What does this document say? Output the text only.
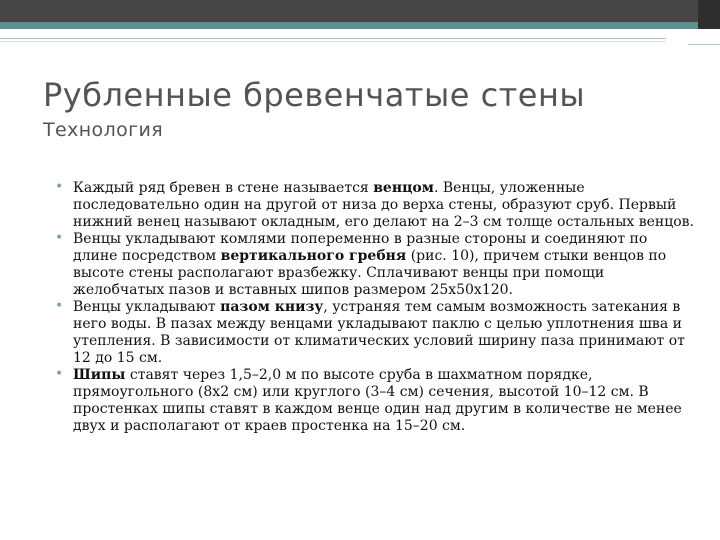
Рубленные бревенчатые стены
Технология
• Каждый ряд бревен в стене называется венцом. Венцы, уложенные последовательно один на другой от низа до верха стены, образуют сруб. Первый нижний венец называют окладным, его делают на 2–3 см толще остальных венцов.
• Венцы укладывают комлями попеременно в разные стороны и соединяют по длине посредством вертикального гребня (рис. 10), причем стыки венцов по высоте стены располагают вразбежку. Сплачивают венцы при помощи желобчатых пазов и вставных шипов размером 25х50х120.
• Венцы укладывают пазом книзу, устраняя тем самым возможность затекания в него воды. В пазах между венцами укладывают паклю с целью уплотнения шва и утепления. В зависимости от климатических условий ширину паза принимают от 12 до 15 см.
• Шипы ставят через 1,5–2,0 м по высоте сруба в шахматном порядке, прямоугольного (8х2 см) или круглого (3–4 см) сечения, высотой 10–12 см. В простенках шипы ставят в каждом венце один над другим в количестве не менее двух и располагают от краев простенка на 15–20 см.
